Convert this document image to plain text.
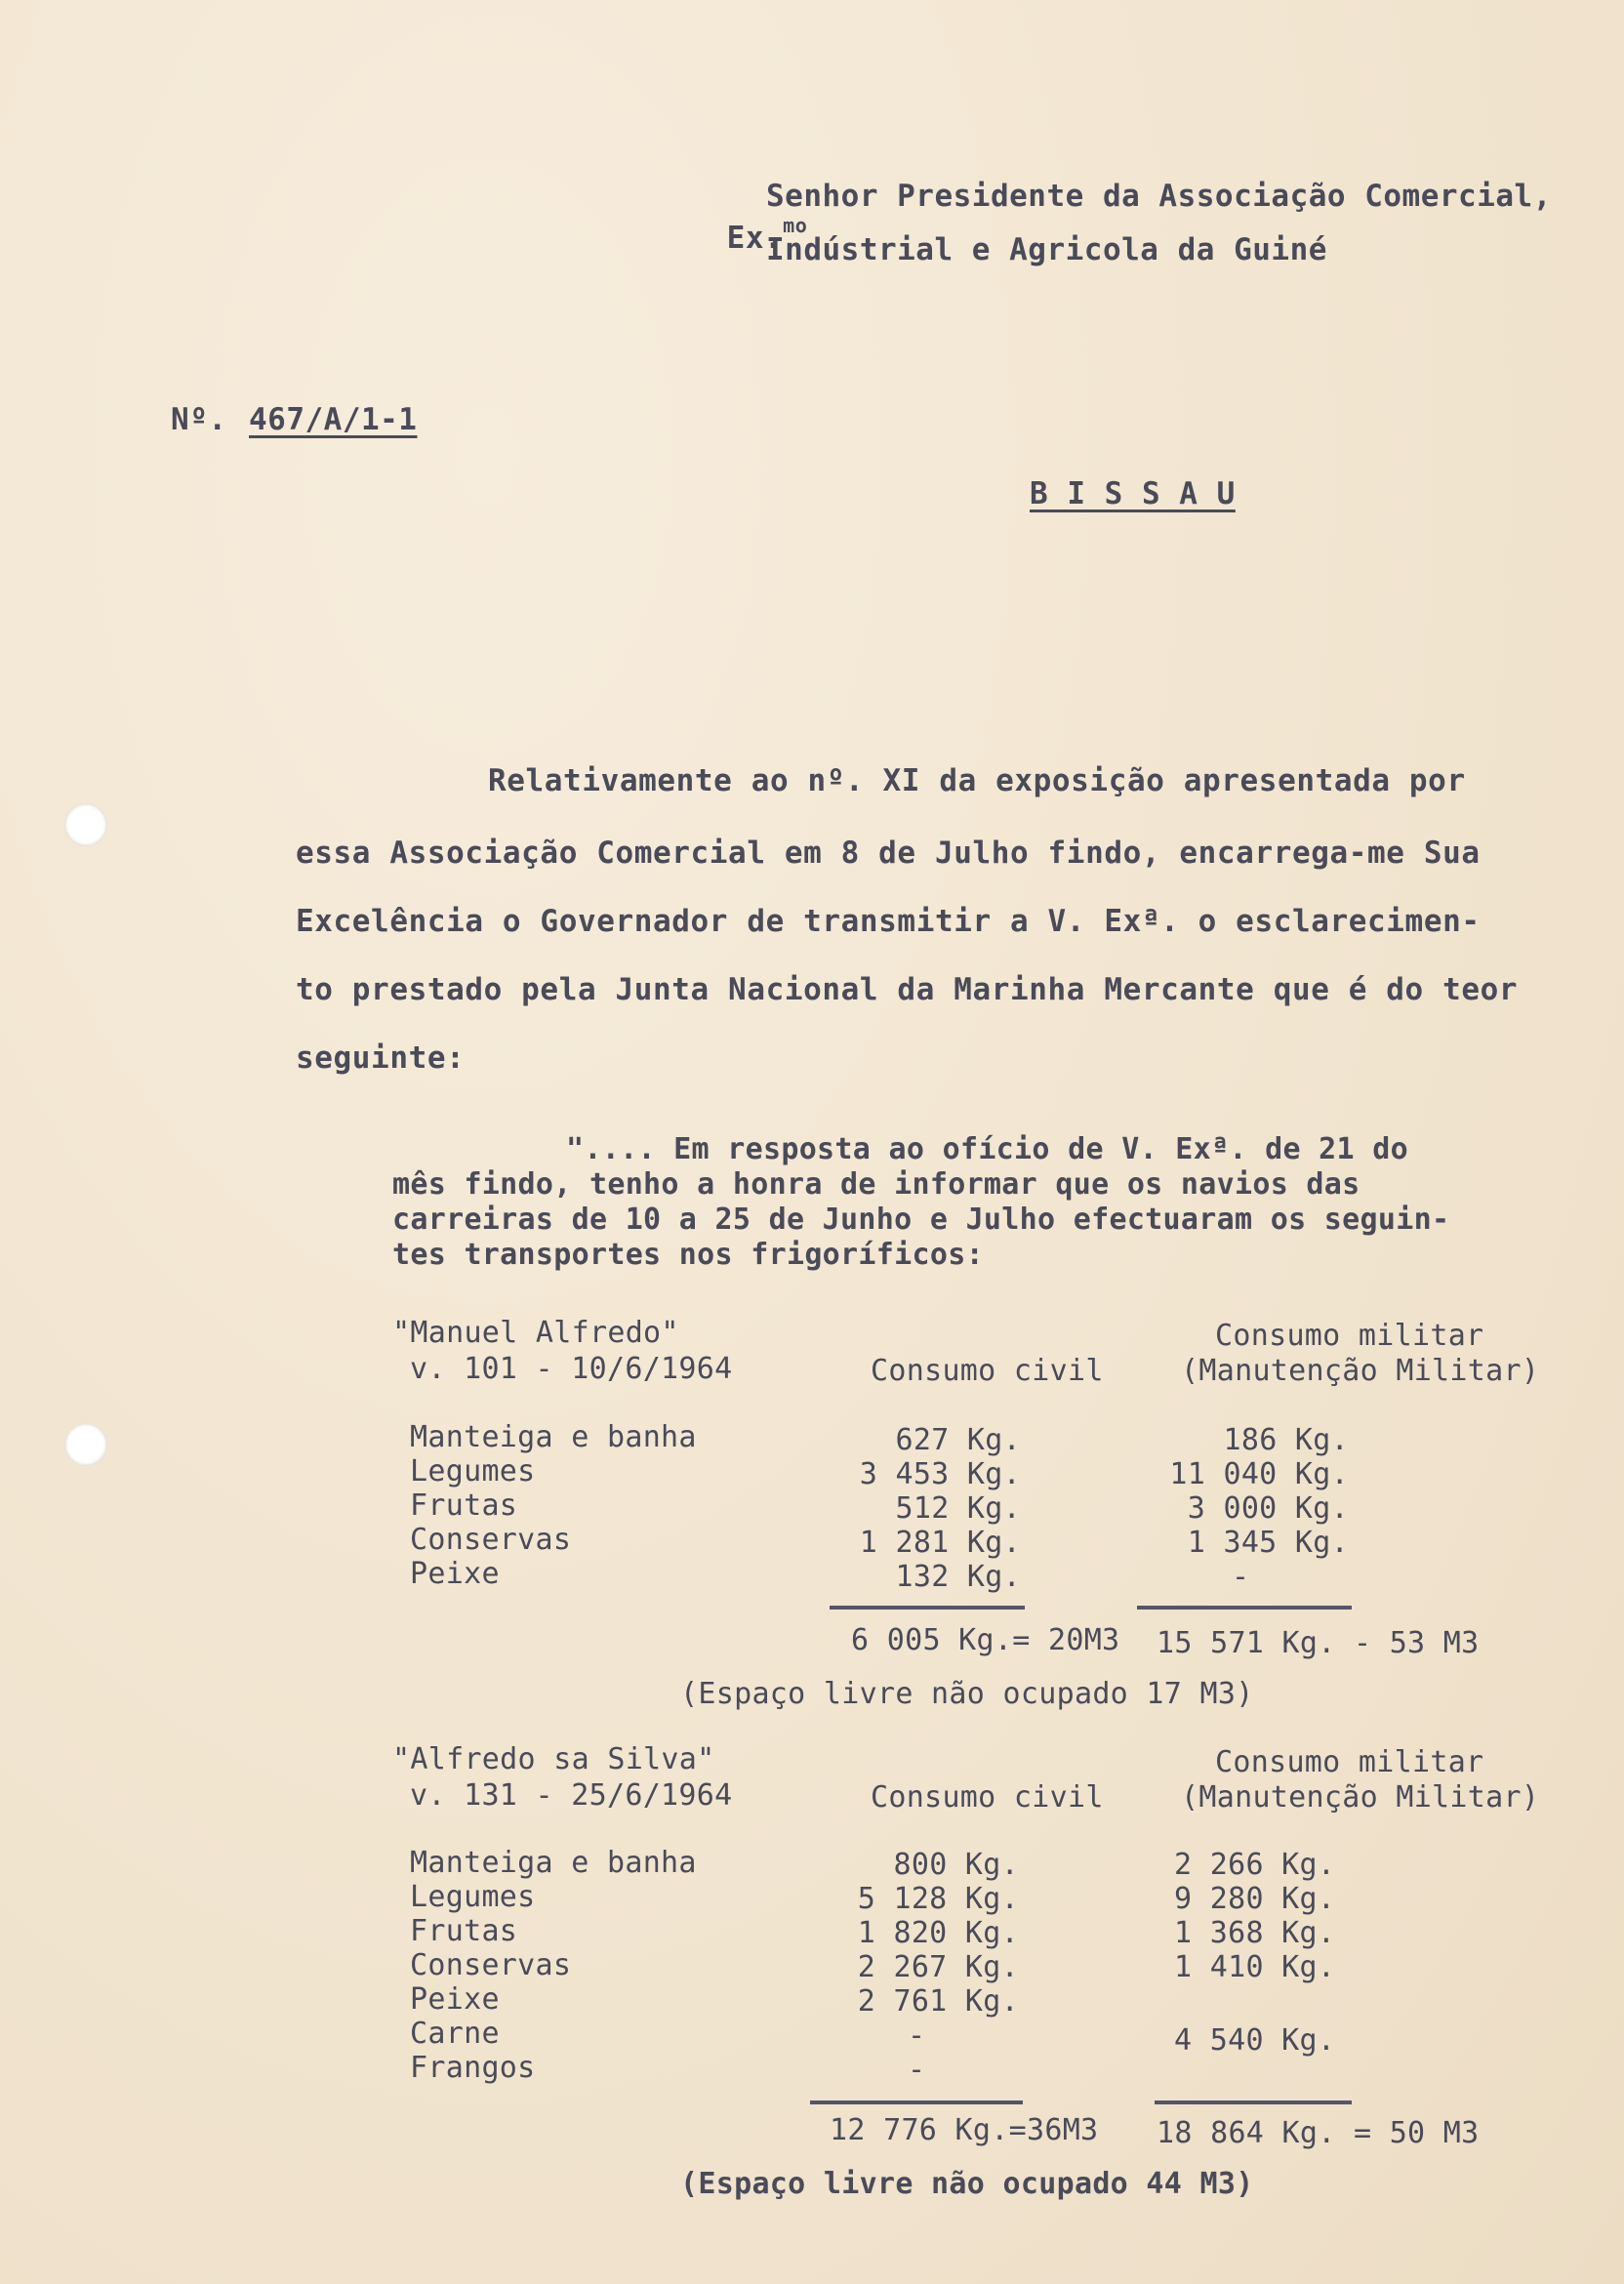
Ex.$^{mo}$

Senhor Presidente da Associação Comercial,
Indústrial e Agricola da Guiné
Nº. 467/A/1-1
B I S S A U
Relativamente ao nº. XI da exposição apresentada por
essa Associação Comercial em 8 de Julho findo, encarrega-me Sua
Excelência o Governador de transmitir a V. Exª. o esclarecimen-
to prestado pela Junta Nacional da Marinha Mercante que é do teor
seguinte:
".... Em resposta ao ofício de V. Exª. de 21 do
mês findo, tenho a honra de informar que os navios das
carreiras de 10 a 25 de Junho e Julho efectuaram os seguin-
tes transportes nos frigoríficos:
"Manuel Alfredo"
v. 101 - 10/6/1964	Consumo civil
Consumo militar
(Manutenção Militar)
Manteiga e banha
Legumes
Frutas
Conservas
Peixe
627 Kg.
3 453 Kg.
512 Kg.
1 281 Kg.
132 Kg.
186 Kg.
11 040 Kg.
3 000 Kg.
1 345 Kg.
-
6 005 Kg.= 20M3 15 571 Kg. - 53 M3
(Espaço livre não ocupado 17 M3)
"Alfredo sa Silva"
v. 131 - 25/6/1964	Consumo civil
Consumo militar
(Manutenção Militar)
Manteiga e banha
Legumes
Frutas
Conservas
Peixe
Carne
Frangos
800 Kg.
5 128 Kg.
1 820 Kg.
2 267 Kg.
2 761 Kg.
-
-
2 266 Kg.
9 280 Kg.
1 368 Kg.
1 410 Kg.
4 540 Kg.
12 776 Kg.=36M3 18 864 Kg. = 50 M3
(Espaço livre não ocupado 44 M3)
